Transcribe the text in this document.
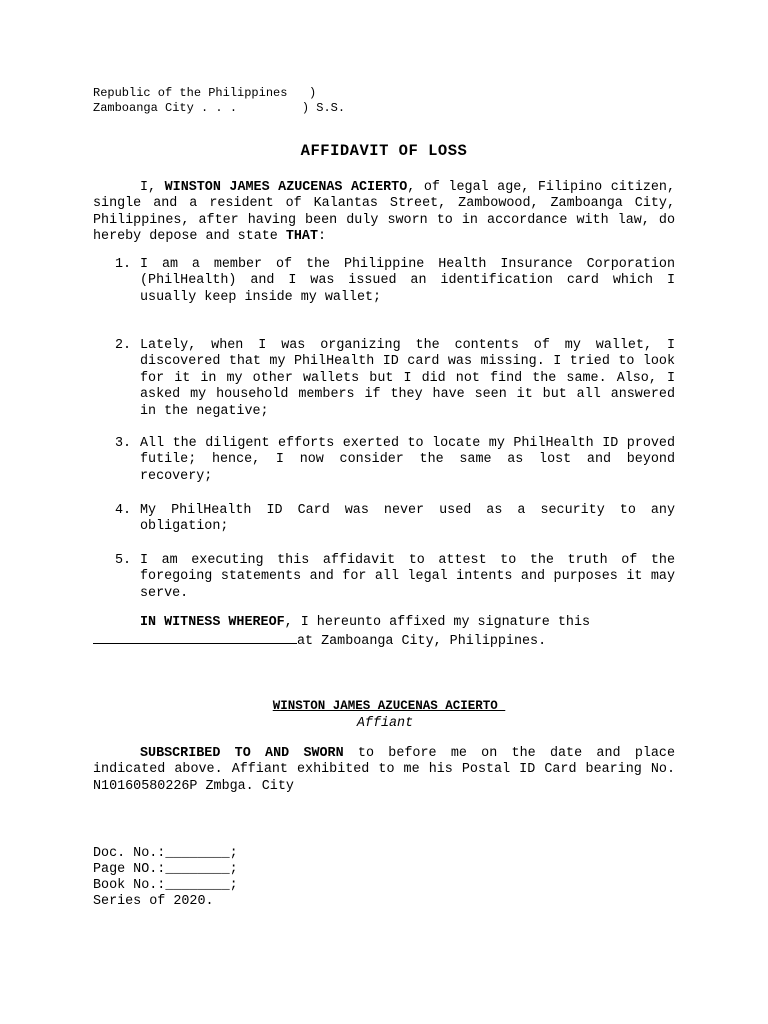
Republic of the Philippines   )
Zamboanga City . . .         ) S.S.
AFFIDAVIT OF LOSS
I, WINSTON JAMES AZUCENAS ACIERTO, of legal age, Filipino citizen, single and a resident of Kalantas Street, Zambowood, Zamboanga City, Philippines, after having been duly sworn to in accordance with law, do hereby depose and state THAT:
1. I am a member of the Philippine Health Insurance Corporation (PhilHealth) and I was issued an identification card which I usually keep inside my wallet;
2. Lately, when I was organizing the contents of my wallet, I discovered that my PhilHealth ID card was missing. I tried to look for it in my other wallets but I did not find the same. Also, I asked my household members if they have seen it but all answered in the negative;
3. All the diligent efforts exerted to locate my PhilHealth ID proved futile; hence, I now consider the same as lost and beyond recovery;
4. My PhilHealth ID Card was never used as a security to any obligation;
5. I am executing this affidavit to attest to the truth of the foregoing statements and for all legal intents and purposes it may serve.
IN WITNESS WHEREOF, I hereunto affixed my signature this
at Zamboanga City, Philippines.
WINSTON JAMES AZUCENAS ACIERTO
Affiant
SUBSCRIBED TO AND SWORN to before me on the date and place indicated above. Affiant exhibited to me his Postal ID Card bearing No. N10160580226P Zmbga. City
Doc. No.:________;
Page NO.:________;
Book No.:________;
Series of 2020.
